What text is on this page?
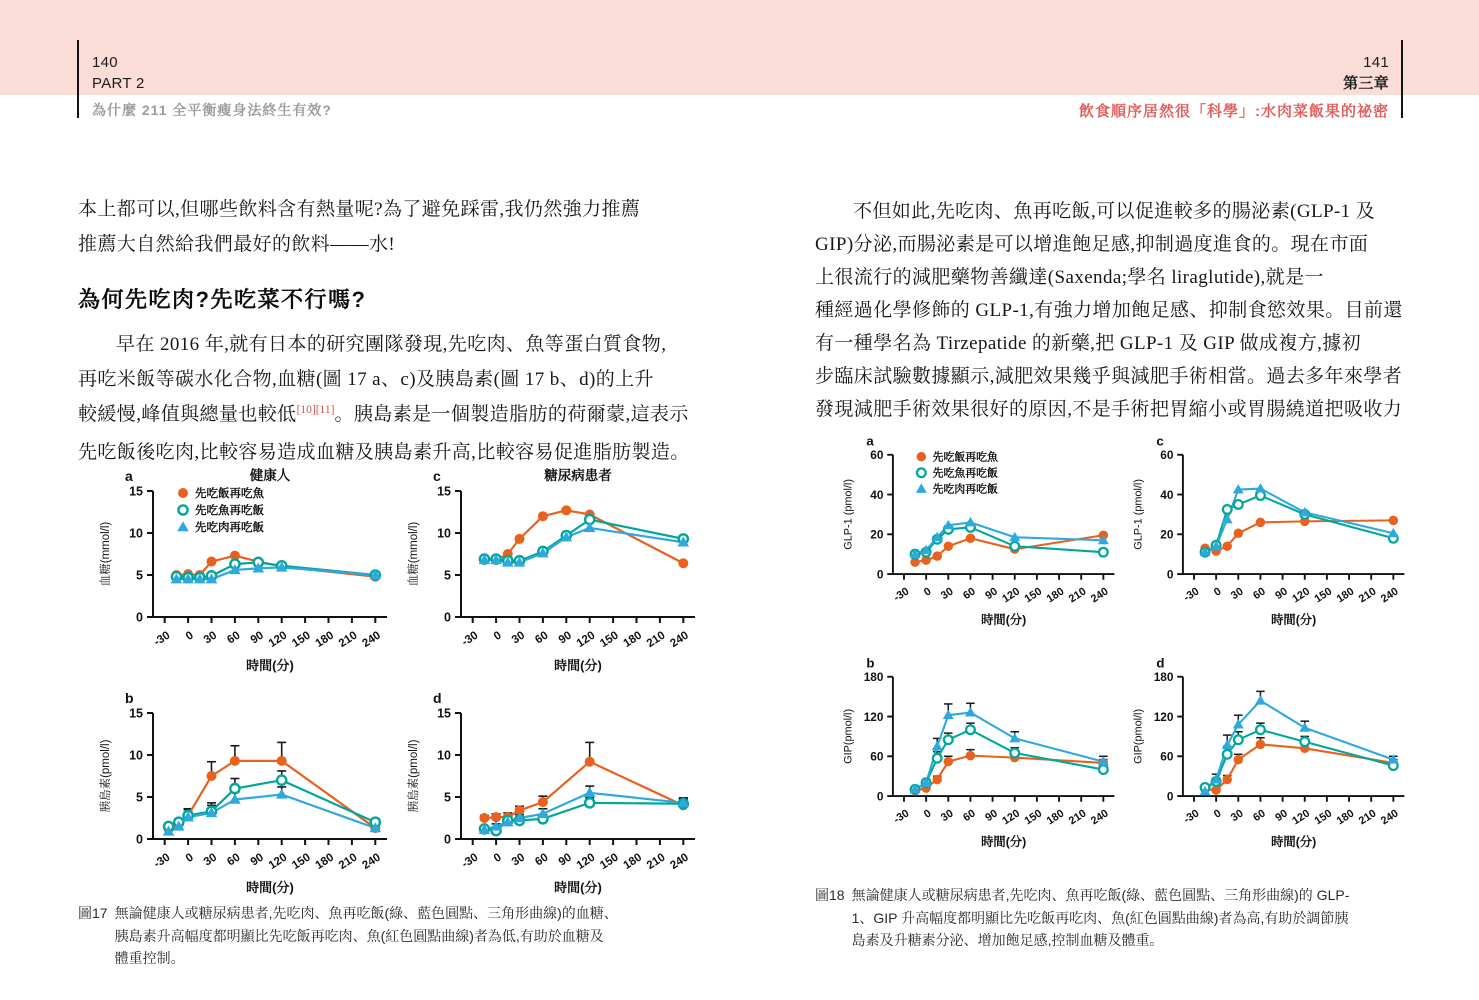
140
PART 2
為什麼 211 全平衡瘦身法終生有效?
141
第三章
飲食順序居然很「科學」:水肉菜飯果的祕密
本上都可以,但哪些飲料含有熱量呢?為了避免踩雷,我仍然強力推薦
推薦大自然給我們最好的飲料——水!
為何先吃肉?先吃菜不行嗎?
早在 2016 年,就有日本的研究團隊發現,先吃肉、魚等蛋白質食物,
再吃米飯等碳水化合物,血糖(圖 17 a、c)及胰島素(圖 17 b、d)的上升
較緩慢,峰值與總量也較低[10][11]。胰島素是一個製造脂肪的荷爾蒙,這表示
先吃飯後吃肉,比較容易造成血糖及胰島素升高,比較容易促進脂肪製造。
0
5
10
15
-30 0 30 60 90 120 150 180 210 240
時間(分)
血糖(mmol/l)
a	健康人
先吃飯再吃魚
先吃魚再吃飯
先吃肉再吃飯
0
5
10
15
-30 0 30 60 90 120 150 180 210 240
時間(分)
血糖(mmol/l)
c	糖尿病患者
0
5
10
15
-30 0 30 60 90 120 150 180 210 240
時間(分)
胰島素(pmol/l)
b
0
5
10
15
-30 0 30 60 90 120 150 180 210 240
時間(分)
胰島素(pmol/l)
d
圖17 無論健康人或糖尿病患者,先吃肉、魚再吃飯(綠、藍色圓點、三角形曲線)的血糖、
胰島素升高幅度都明顯比先吃飯再吃肉、魚(紅色圓點曲線)者為低,有助於血糖及
體重控制。
不但如此,先吃肉、魚再吃飯,可以促進較多的腸泌素(GLP-1 及
GIP)分泌,而腸泌素是可以增進飽足感,抑制過度進食的。現在市面
上很流行的減肥藥物善纖達(Saxenda;學名 liraglutide),就是一
種經過化學修飾的 GLP-1,有強力增加飽足感、抑制食慾效果。目前還
有一種學名為 Tirzepatide 的新藥,把 GLP-1 及 GIP 做成複方,據初
步臨床試驗數據顯示,減肥效果幾乎與減肥手術相當。過去多年來學者
發現減肥手術效果很好的原因,不是手術把胃縮小或胃腸繞道把吸收力
0
20
40
60
-30 0 30 60 90 120 150 180 210 240
時間(分)
GLP-1 (pmol/l)
a
先吃飯再吃魚
先吃魚再吃飯
先吃肉再吃飯
0
20
40
60
-30 0 30 60 90 120 150 180 210 240
時間(分)
GLP-1 (pmol/l)
c
0
60
120
180
-30 0 30 60 90 120 150 180 210 240
時間(分)
GIP(pmol/l)
b
0
60
120
180
-30 0 30 60 90 120 150 180 210 240
時間(分)
GIP(pmol/l)
d
圖18 無論健康人或糖尿病患者,先吃肉、魚再吃飯(綠、藍色圓點、三角形曲線)的 GLP-
1、GIP 升高幅度都明顯比先吃飯再吃肉、魚(紅色圓點曲線)者為高,有助於調節胰
島素及升糖素分泌、增加飽足感,控制血糖及體重。
